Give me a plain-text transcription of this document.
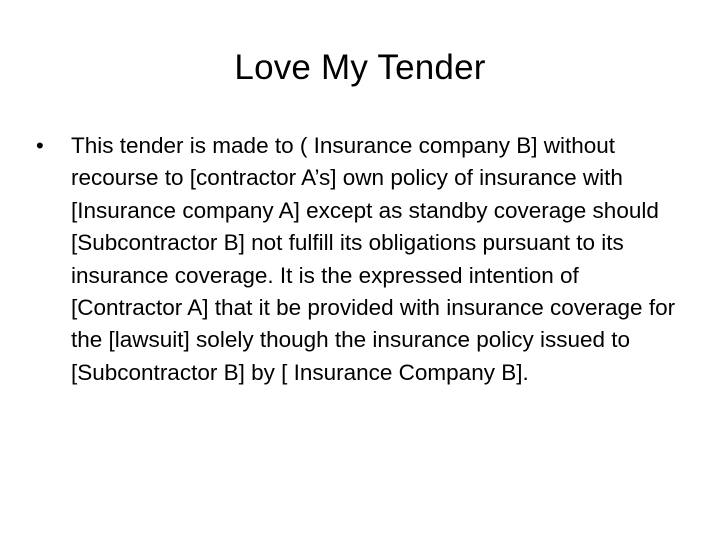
Love My Tender
•	This tender is made to ( Insurance company B] without recourse to [contractor A’s] own policy of insurance with [Insurance company A] except as standby coverage should [Subcontractor B] not fulfill its obligations pursuant to its insurance coverage. It is the expressed intention of [Contractor A] that it be provided with insurance coverage for the [lawsuit] solely though the insurance policy issued to [Subcontractor B] by [ Insurance Company B].
